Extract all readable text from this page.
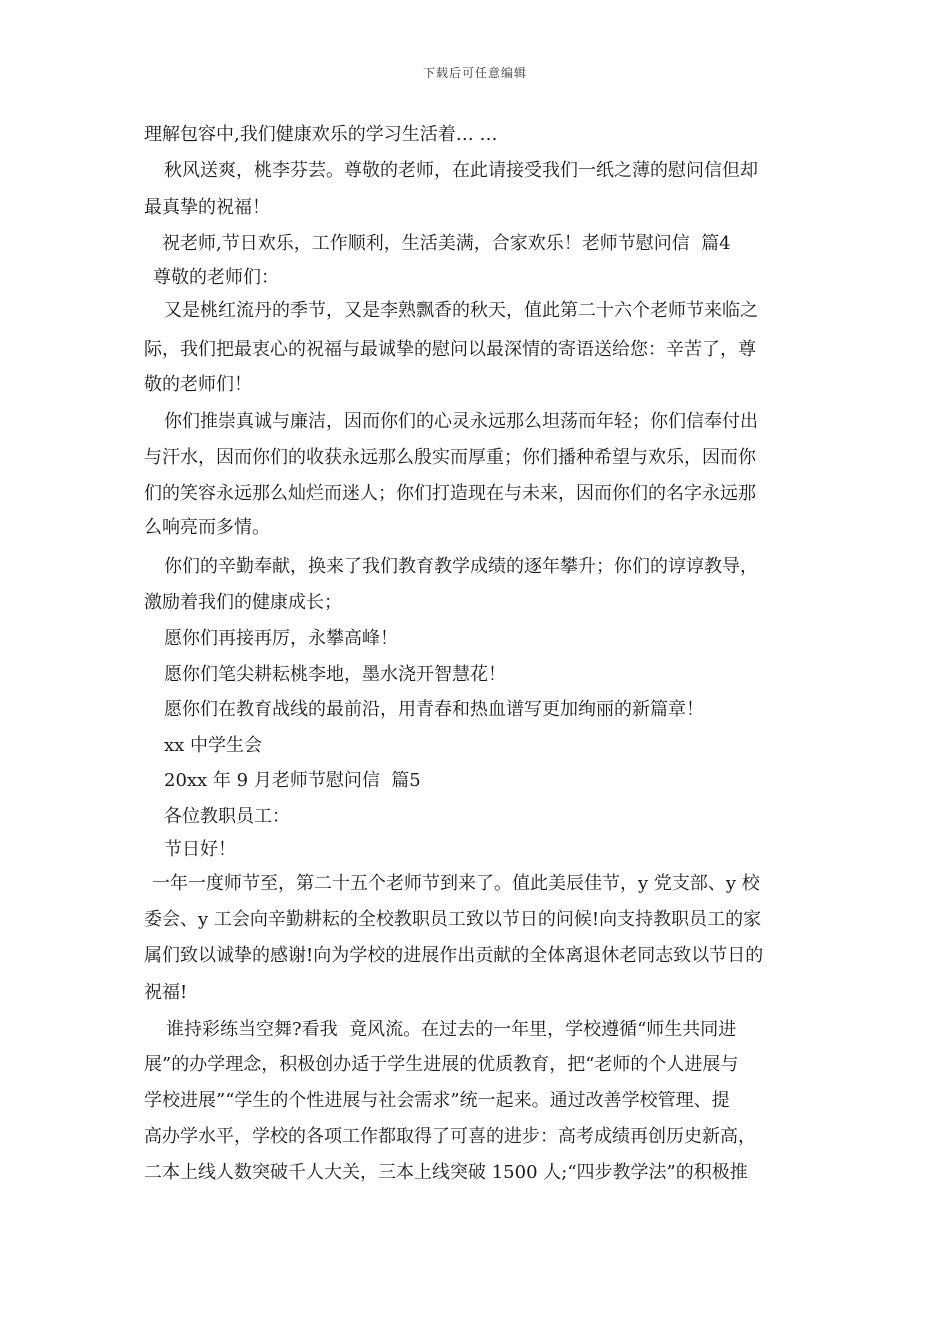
下载后可任意编辑
理解包容中,我们健康欢乐的学习生活着… …
秋风送爽，桃李芬芸。尊敬的老师，在此请接受我们一纸之薄的慰问信但却
最真挚的祝福！
祝老师,节日欢乐，工作顺利，生活美满，合家欢乐！老师节慰问信  篇4
尊敬的老师们：
又是桃红流丹的季节，又是李熟飘香的秋天，值此第二十六个老师节来临之
际，我们把最衷心的祝福与最诚挚的慰问以最深情的寄语送给您：辛苦了，尊
敬的老师们！
你们推崇真诚与廉洁，因而你们的心灵永远那么坦荡而年轻；你们信奉付出
与汗水，因而你们的收获永远那么殷实而厚重；你们播种希望与欢乐，因而你
们的笑容永远那么灿烂而迷人；你们打造现在与未来，因而你们的名字永远那
么响亮而多情。
你们的辛勤奉献，换来了我们教育教学成绩的逐年攀升；你们的谆谆教导，
激励着我们的健康成长；
愿你们再接再厉，永攀高峰！
愿你们笔尖耕耘桃李地，墨水浇开智慧花！
愿你们在教育战线的最前沿，用青春和热血谱写更加绚丽的新篇章！
xx 中学生会
20xx 年 9 月老师节慰问信  篇5
各位教职员工：
节日好！
一年一度师节至，第二十五个老师节到来了。值此美辰佳节，y 党支部、y 校
委会、y 工会向辛勤耕耘的全校教职员工致以节日的问候!向支持教职员工的家
属们致以诚挚的感谢!向为学校的进展作出贡献的全体离退休老同志致以节日的
祝福!
谁持彩练当空舞?看我  竟风流。在过去的一年里，学校遵循“师生共同进
展”的办学理念，积极创办适于学生进展的优质教育，把“老师的个人进展与
学校进展”“学生的个性进展与社会需求”统一起来。通过改善学校管理、提
高办学水平，学校的各项工作都取得了可喜的进步：高考成绩再创历史新高，
二本上线人数突破千人大关，三本上线突破 1500 人;“四步教学法”的积极推
